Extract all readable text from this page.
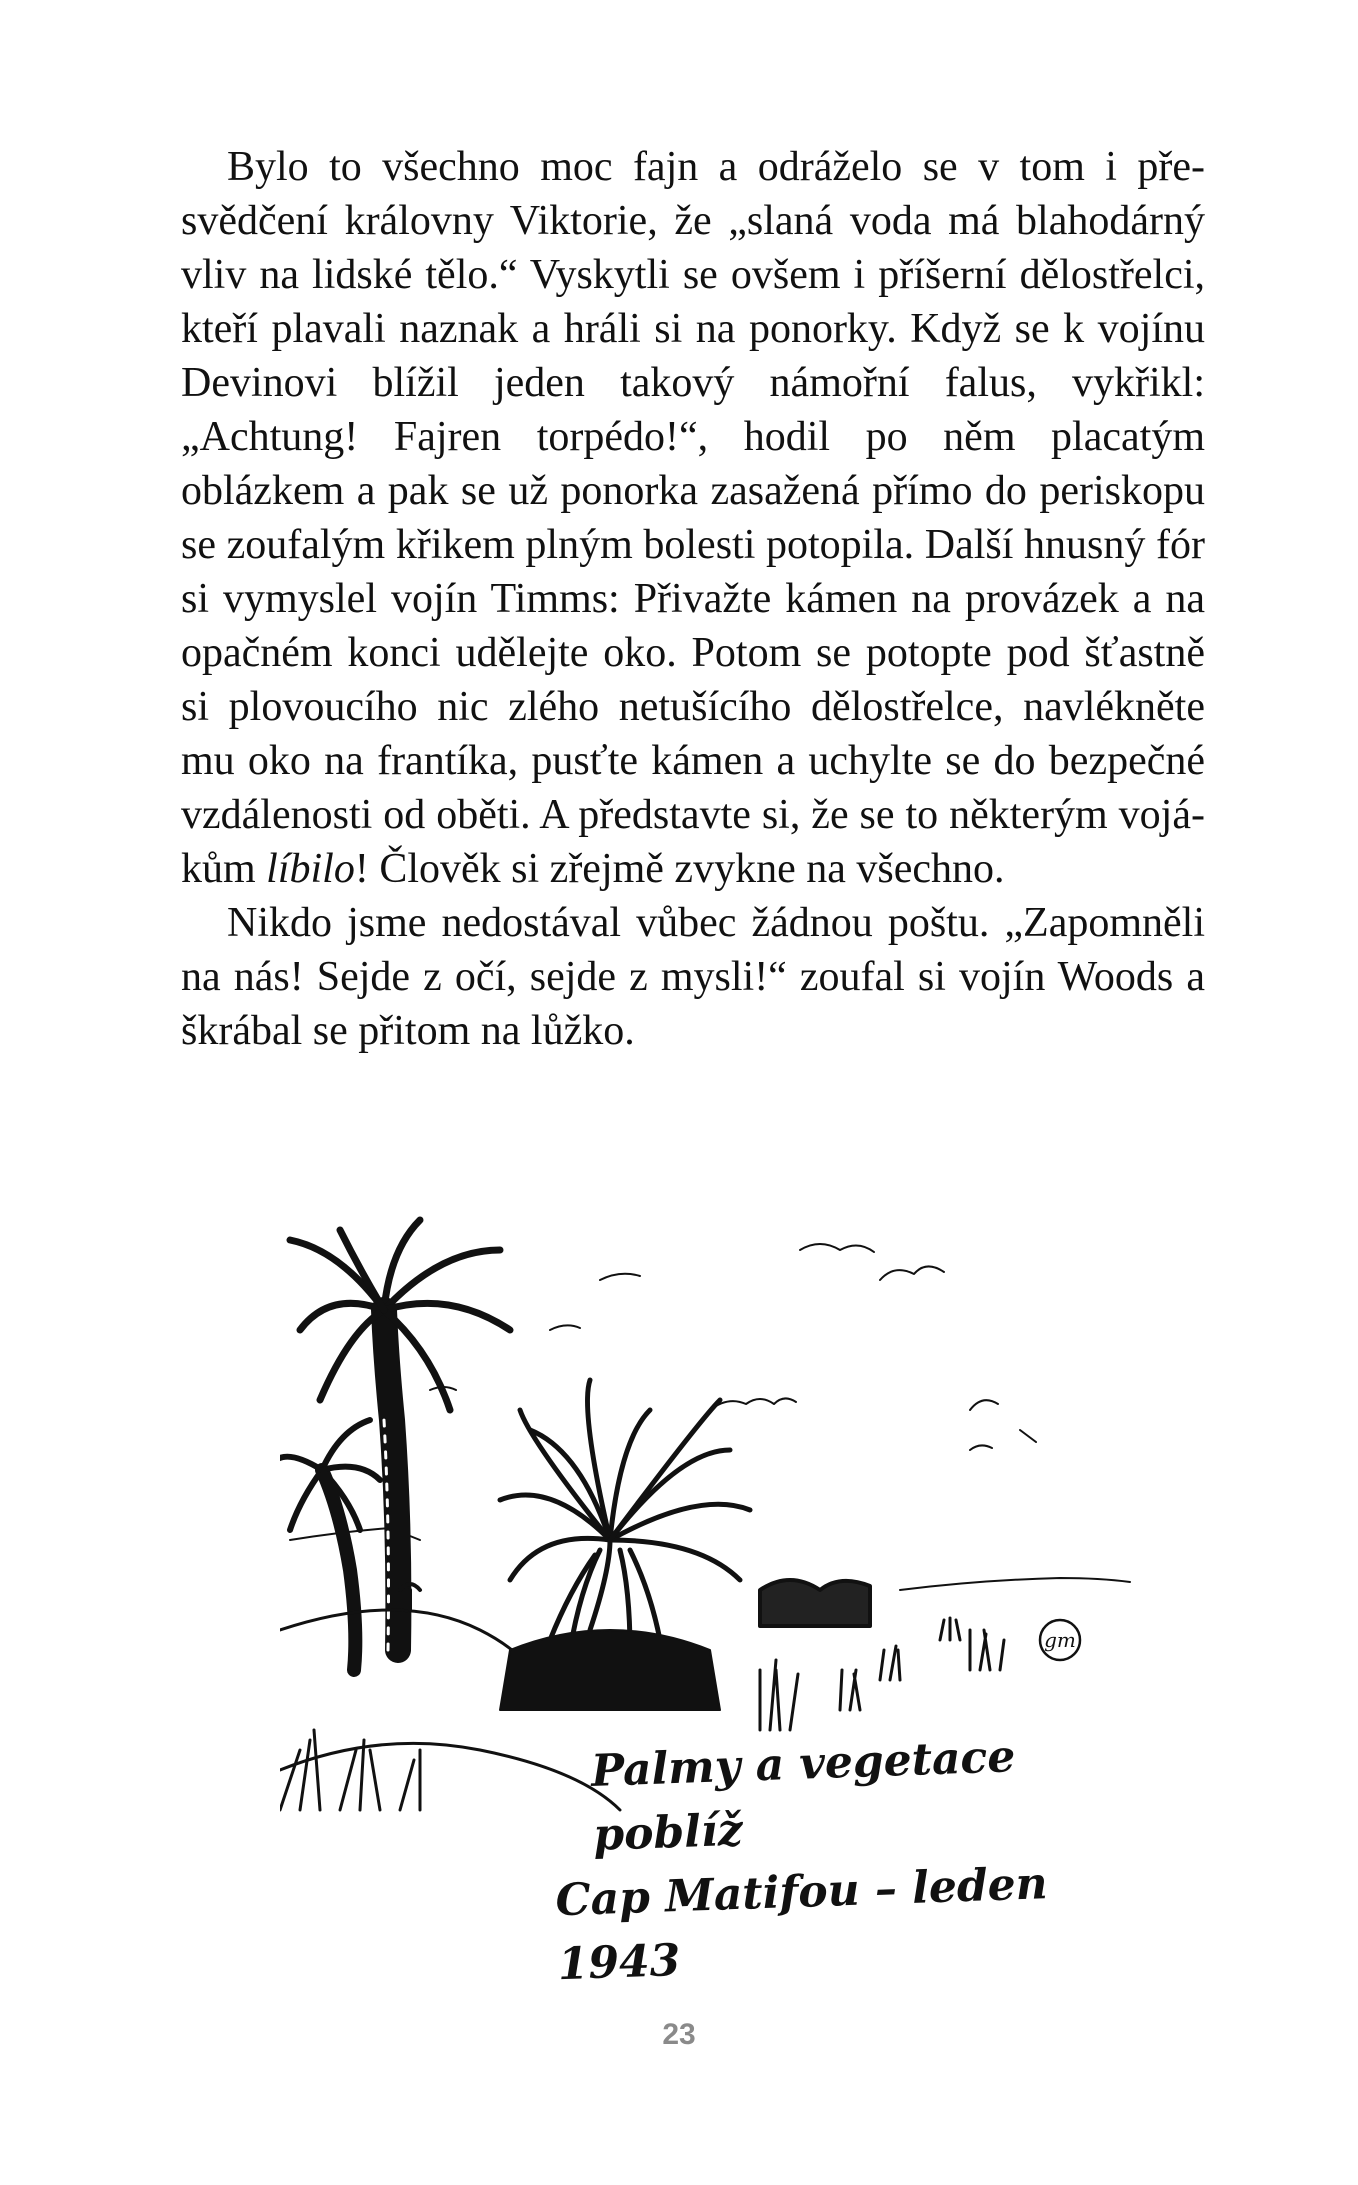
Bylo to všechno moc fajn a odráželo se v tom i přesvědčení královny Viktorie, že „slaná voda má blahodárný vliv na lidské tělo.“ Vyskytli se ovšem i příšerní dělostřelci, kteří plavali naznak a hráli si na ponorky. Když se k vojínu Devinovi blížil jeden takový námořní falus, vykřikl: „Achtung! Fajren torpédo!“, hodil po něm placatým oblázkem a pak se už ponorka zasažená přímo do periskopu se zoufalým křikem plným bolesti potopila. Další hnusný fór si vymyslel vojín Timms: Přivažte kámen na provázek a na opačném konci udělejte oko. Potom se potopte pod šťastně si plovoucího nic zlého netušícího dělostřelce, navlékněte mu oko na frantíka, pusťte kámen a uchylte se do bezpečné vzdálenosti od oběti. A představte si, že se to některým vojákům líbilo! Člověk si zřejmě zvykne na všechno.

Nikdo jsme nedostával vůbec žádnou poštu. „Zapomněli na nás! Sejde z očí, sejde z mysli!“ zoufal si vojín Woods a škrábal se přitom na lůžko.

gm
Palmy a vegetace poblíž
Cap Matifou – leden 1943
23
